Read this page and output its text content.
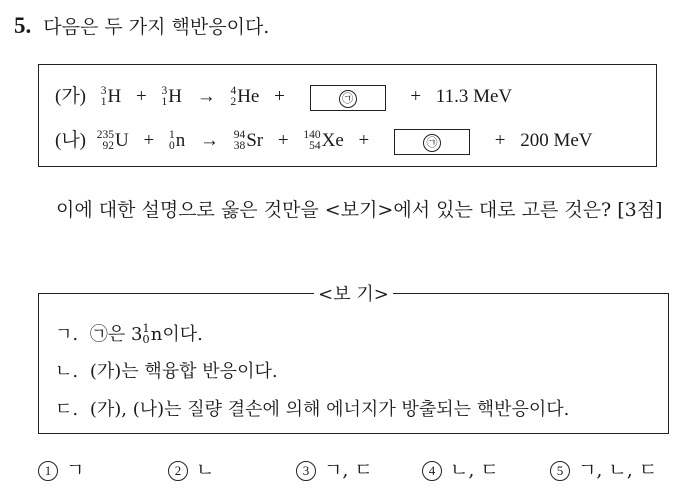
5. 다음은 두 가지 핵반응이다.
(가) 3
1 H + 3
1 H → 4
2 He +	㉠	+ 11.3 MeV
(나) 235
92 U + 1
0 n → 94
38 Sr + 140
54 Xe +	㉠	+ 200 MeV
이에 대한 설명으로 옳은 것만을 <보기>에서 있는 대로 고른 것은? [3점]
<보 기>
ㄱ. ㉠은 3 1
0 n이다.
ㄴ. (가)는 핵융합 반응이다.
ㄷ. (가), (나)는 질량 결손에 의해 에너지가 방출되는 핵반응이다.
1 ㄱ	2 ㄴ	3 ㄱ, ㄷ	4 ㄴ, ㄷ	5 ㄱ, ㄴ, ㄷ
